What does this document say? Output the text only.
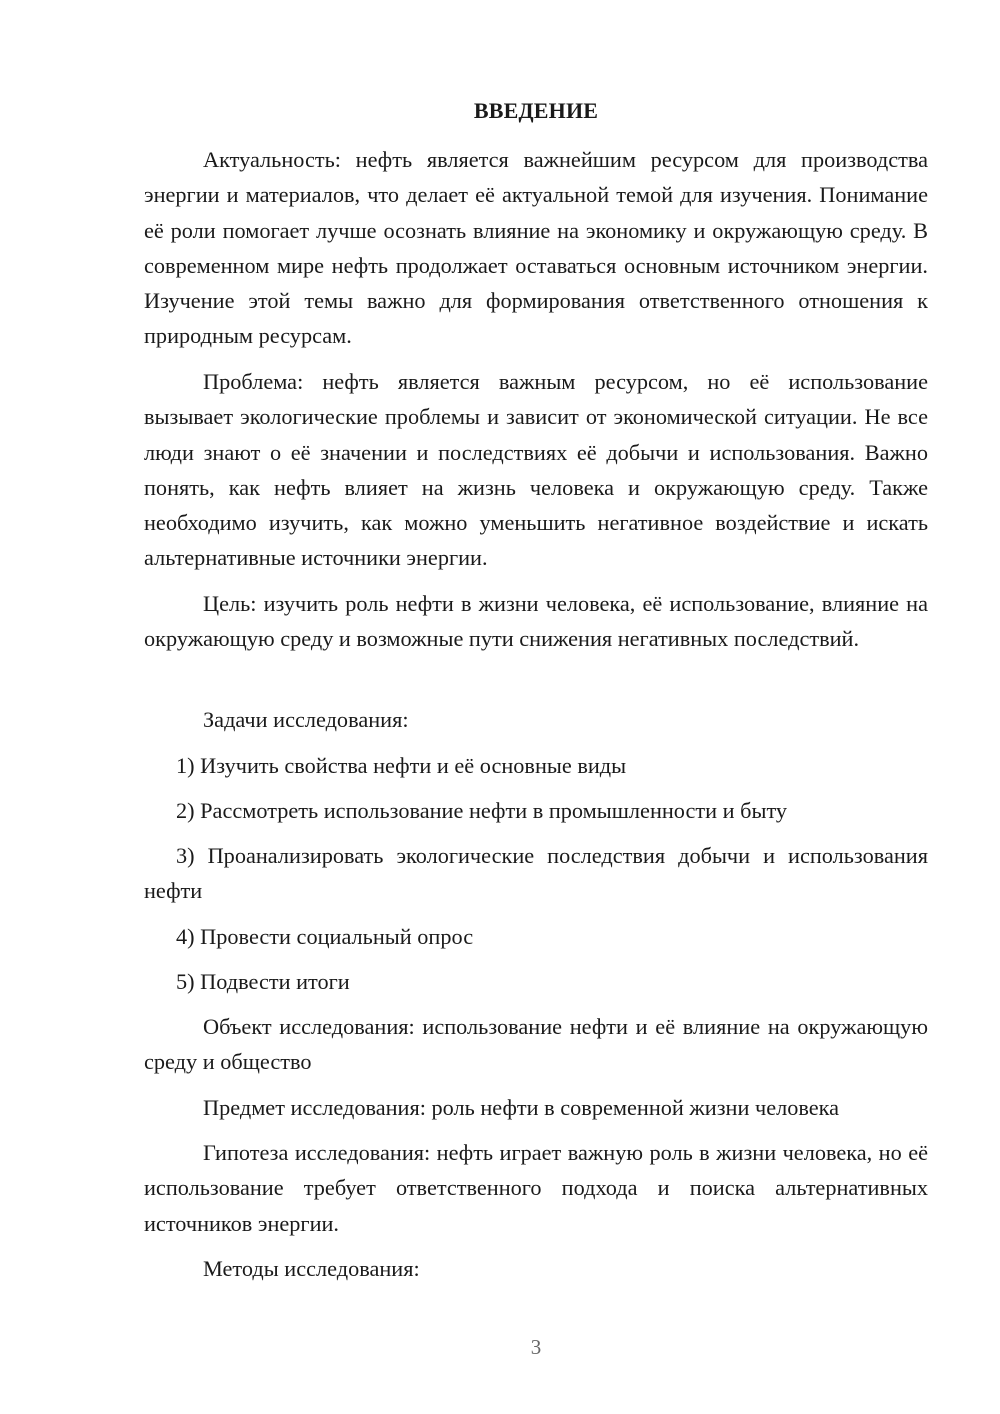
ВВЕДЕНИЕ

Актуальность: нефть является важнейшим ресурсом для производства энергии и материалов, что делает её актуальной темой для изучения. Понимание её роли помогает лучше осознать влияние на экономику и окружающую среду. В современном мире нефть продолжает оставаться основным источником энергии. Изучение этой темы важно для формирования ответственного отношения к природным ресурсам.

Проблема: нефть является важным ресурсом, но её использование вызывает экологические проблемы и зависит от экономической ситуации. Не все люди знают о её значении и последствиях её добычи и использования. Важно понять, как нефть влияет на жизнь человека и окружающую среду. Также необходимо изучить, как можно уменьшить негативное воздействие и искать альтернативные источники энергии.

Цель: изучить роль нефти в жизни человека, её использование, влияние на окружающую среду и возможные пути снижения негативных последствий.

Задачи исследования:

1) Изучить свойства нефти и её основные виды

2) Рассмотреть использование нефти в промышленности и быту

3) Проанализировать экологические последствия добычи и использования нефти

4) Провести социальный опрос

5) Подвести итоги

Объект исследования: использование нефти и её влияние на окружающую среду и общество

Предмет исследования: роль нефти в современной жизни человека

Гипотеза исследования: нефть играет важную роль в жизни человека, но её использование требует ответственного подхода и поиска альтернативных источников энергии.

Методы исследования:

3
